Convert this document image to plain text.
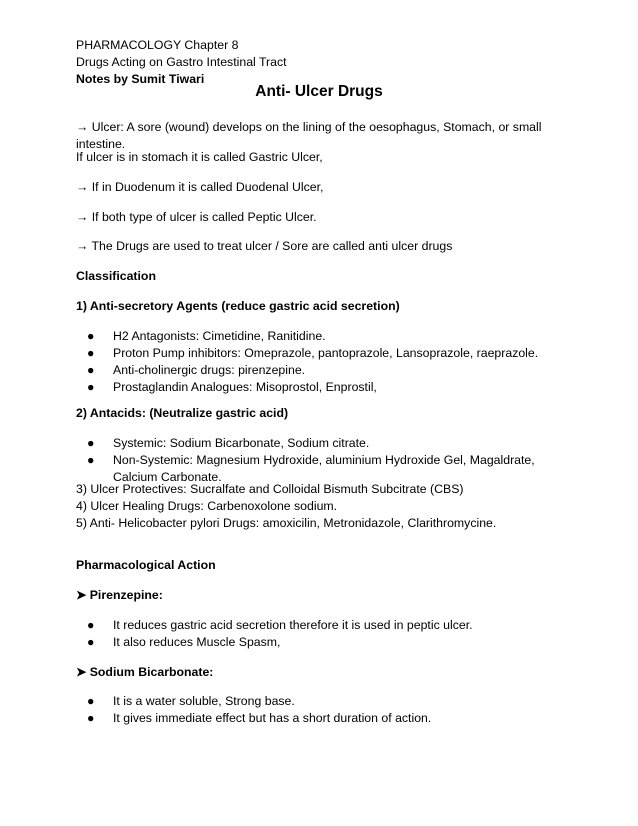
PHARMACOLOGY Chapter 8
Drugs Acting on Gastro Intestinal Tract
Notes by Sumit Tiwari
Anti- Ulcer Drugs

→ Ulcer: A sore (wound) develops on the lining of the oesophagus, Stomach, or small intestine.

If ulcer is in stomach it is called Gastric Ulcer,

→ If in Duodenum it is called Duodenal Ulcer,

→ If both type of ulcer is called Peptic Ulcer.

→ The Drugs are used to treat ulcer / Sore are called anti ulcer drugs

Classification

1) Anti-secretory Agents (reduce gastric acid secretion)

● H2 Antagonists: Cimetidine, Ranitidine.
● Proton Pump inhibitors: Omeprazole, pantoprazole, Lansoprazole, raeprazole.
● Anti-cholinergic drugs: pirenzepine.
● Prostaglandin Analogues: Misoprostol, Enprostil,

2) Antacids: (Neutralize gastric acid)

● Systemic: Sodium Bicarbonate, Sodium citrate.
● Non-Systemic: Magnesium Hydroxide, aluminium Hydroxide Gel, Magaldrate, Calcium Carbonate.
3) Ulcer Protectives: Sucralfate and Colloidal Bismuth Subcitrate (CBS)
4) Ulcer Healing Drugs: Carbenoxolone sodium.
5) Anti- Helicobacter pylori Drugs: amoxicilin, Metronidazole, Clarithromycine.

Pharmacological Action

➤ Pirenzepine:

● It reduces gastric acid secretion therefore it is used in peptic ulcer.
● It also reduces Muscle Spasm,

➤ Sodium Bicarbonate:

● It is a water soluble, Strong base.
● It gives immediate effect but has a short duration of action.
